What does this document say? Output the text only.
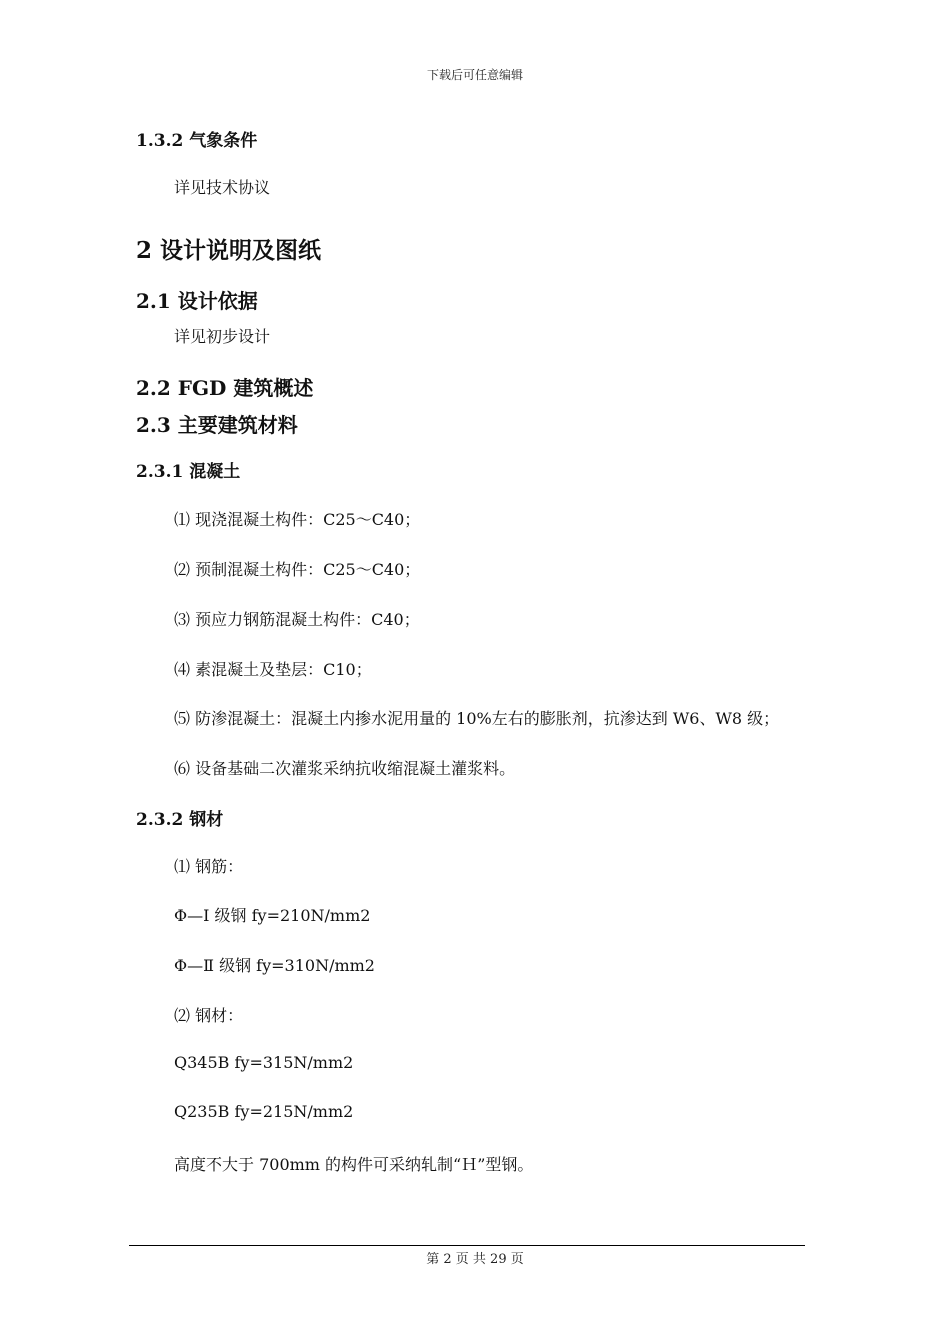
下载后可任意编辑
1.3.2 气象条件
详见技术协议
2 设计说明及图纸
2.1 设计依据
详见初步设计
2.2 FGD 建筑概述
2.3 主要建筑材料
2.3.1 混凝土
⑴ 现浇混凝土构件：C25～C40；
⑵ 预制混凝土构件：C25～C40；
⑶ 预应力钢筋混凝土构件：C40；
⑷ 素混凝土及垫层：C10；
⑸ 防渗混凝土：混凝土内掺水泥用量的 10%左右的膨胀剂，抗渗达到 W6、W8 级；
⑹ 设备基础二次灌浆采纳抗收缩混凝土灌浆料。
2.3.2 钢材
⑴ 钢筋：
Φ—Ⅰ 级钢 fy=210N/mm2
Φ—Ⅱ 级钢 fy=310N/mm2
⑵ 钢材：
Q345B fy=315N/mm2
Q235B fy=215N/mm2
高度不大于 700mm 的构件可采纳轧制“Ｈ”型钢。
第 2 页 共 29 页
